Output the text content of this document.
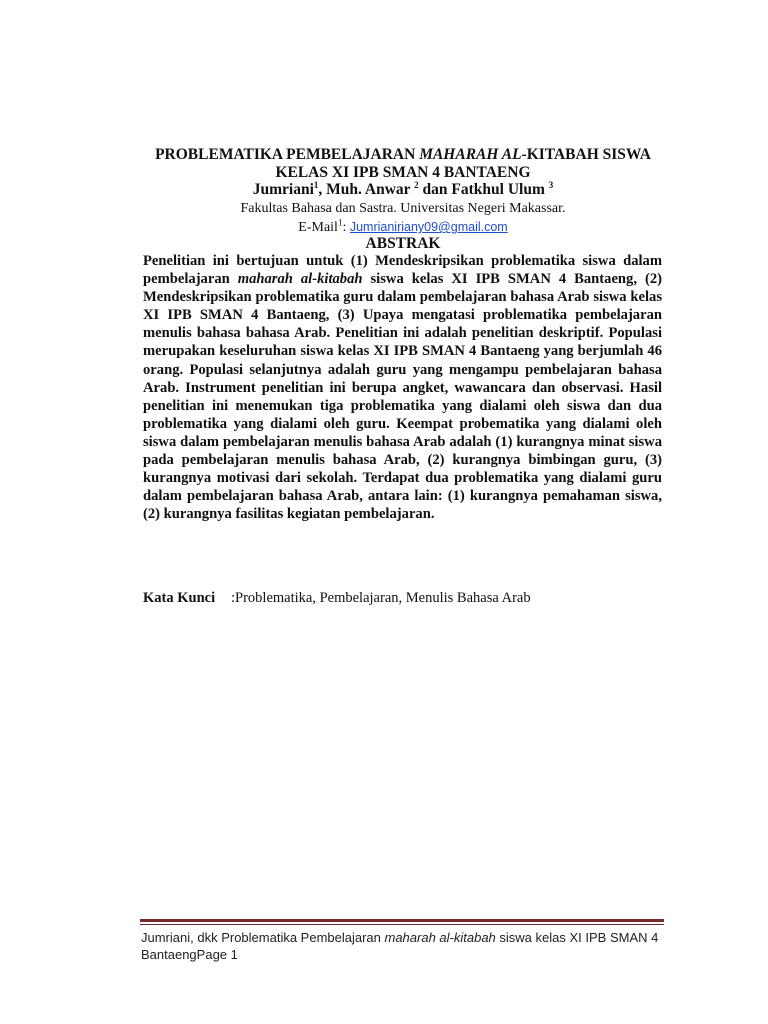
PROBLEMATIKA PEMBELAJARAN MAHARAH AL-KITABAH SISWA
KELAS XI IPB SMAN 4 BANTAENG
Jumriani$^1$, Muh. Anwar $^2$ dan Fatkhul Ulum $^3$
Fakultas Bahasa dan Sastra. Universitas Negeri Makassar.
E-Mail$^1$: Jumrianiriany09@gmail.com
ABSTRAK
Penelitian ini bertujuan untuk (1) Mendeskripsikan problematika siswa dalam pembelajaran maharah al-kitabah siswa kelas XI IPB SMAN 4 Bantaeng, (2) Mendeskripsikan problematika guru dalam pembelajaran bahasa Arab siswa kelas XI IPB SMAN 4 Bantaeng, (3) Upaya mengatasi problematika pembelajaran menulis bahasa bahasa Arab. Penelitian ini adalah penelitian deskriptif. Populasi merupakan keseluruhan siswa kelas XI IPB SMAN 4 Bantaeng yang berjumlah 46 orang. Populasi selanjutnya adalah guru yang mengampu pembelajaran bahasa Arab. Instrument penelitian ini berupa angket, wawancara dan observasi. Hasil penelitian ini menemukan tiga problematika yang dialami oleh siswa dan dua problematika yang dialami oleh guru. Keempat probematika yang dialami oleh siswa dalam pembelajaran menulis bahasa Arab adalah (1) kurangnya minat siswa pada pembelajaran menulis bahasa Arab, (2) kurangnya bimbingan guru, (3) kurangnya motivasi dari sekolah. Terdapat dua problematika yang dialami guru dalam pembelajaran bahasa Arab, antara lain: (1) kurangnya pemahaman siswa, (2) kurangnya fasilitas kegiatan pembelajaran.
Kata Kunci :Problematika, Pembelajaran, Menulis Bahasa Arab
Jumriani, dkk Problematika Pembelajaran maharah al-kitabah siswa kelas XI IPB SMAN 4 BantaengPage 1
